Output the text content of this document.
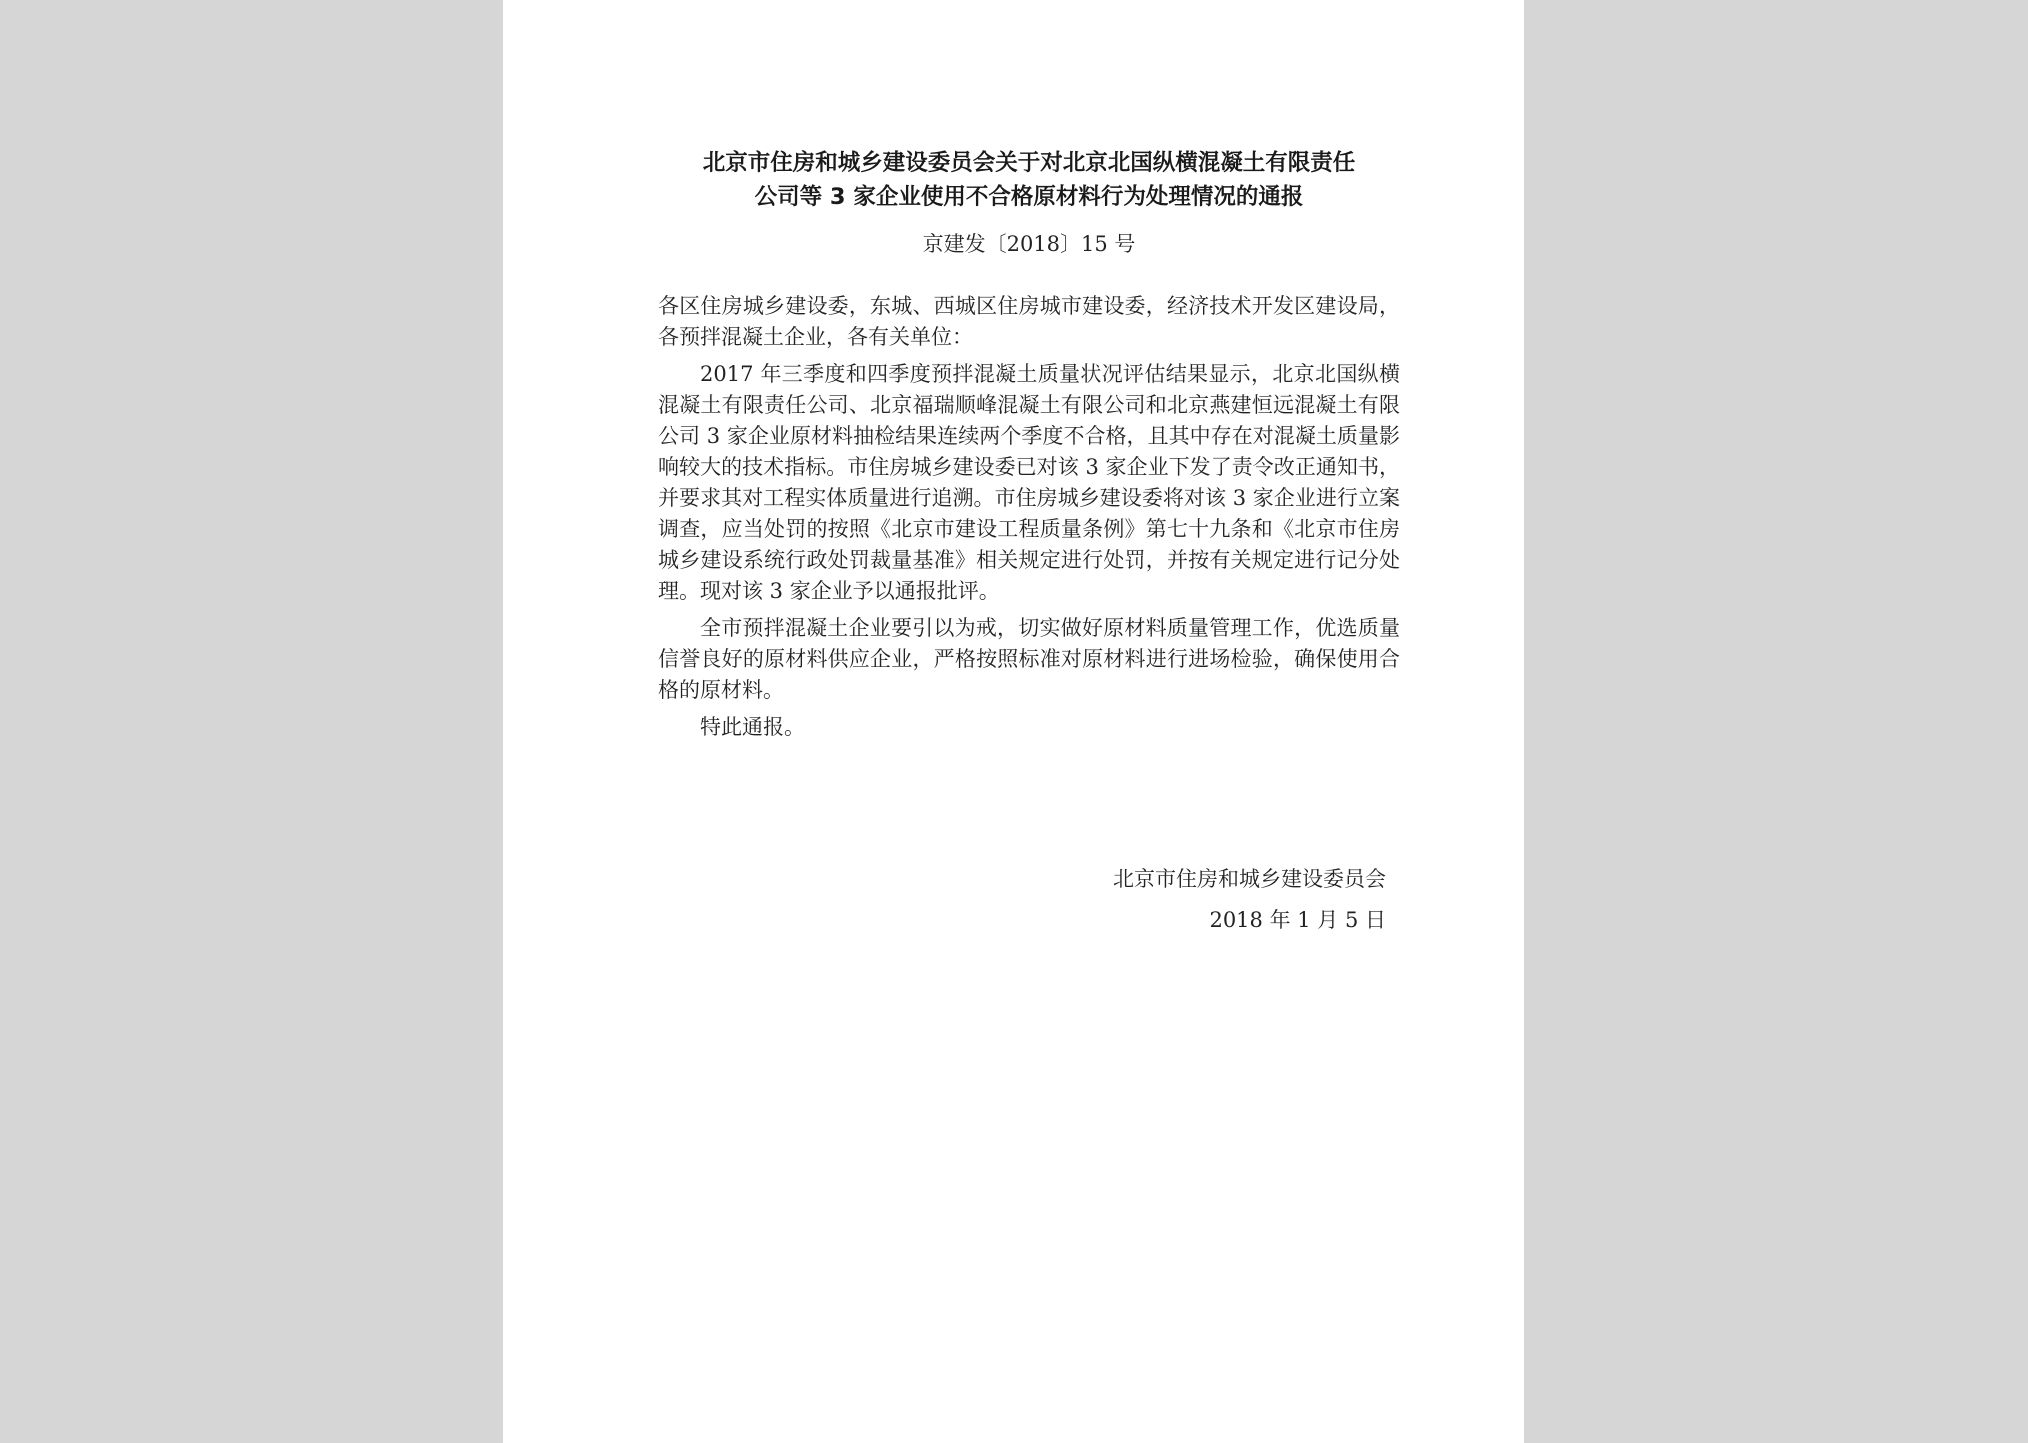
北京市住房和城乡建设委员会关于对北京北国纵横混凝土有限责任
公司等 3 家企业使用不合格原材料行为处理情况的通报
京建发〔2018〕15 号

各区住房城乡建设委，东城、西城区住房城市建设委，经济技术开发区建设局，各预拌混凝土企业，各有关单位：

2017 年三季度和四季度预拌混凝土质量状况评估结果显示，北京北国纵横混凝土有限责任公司、北京福瑞顺峰混凝土有限公司和北京燕建恒远混凝土有限公司 3 家企业原材料抽检结果连续两个季度不合格，且其中存在对混凝土质量影响较大的技术指标。市住房城乡建设委已对该 3 家企业下发了责令改正通知书，并要求其对工程实体质量进行追溯。市住房城乡建设委将对该 3 家企业进行立案调查，应当处罚的按照《北京市建设工程质量条例》第七十九条和《北京市住房城乡建设系统行政处罚裁量基准》相关规定进行处罚，并按有关规定进行记分处理。现对该 3 家企业予以通报批评。

全市预拌混凝土企业要引以为戒，切实做好原材料质量管理工作，优选质量信誉良好的原材料供应企业，严格按照标准对原材料进行进场检验，确保使用合格的原材料。

特此通报。

北京市住房和城乡建设委员会
2018 年 1 月 5 日
